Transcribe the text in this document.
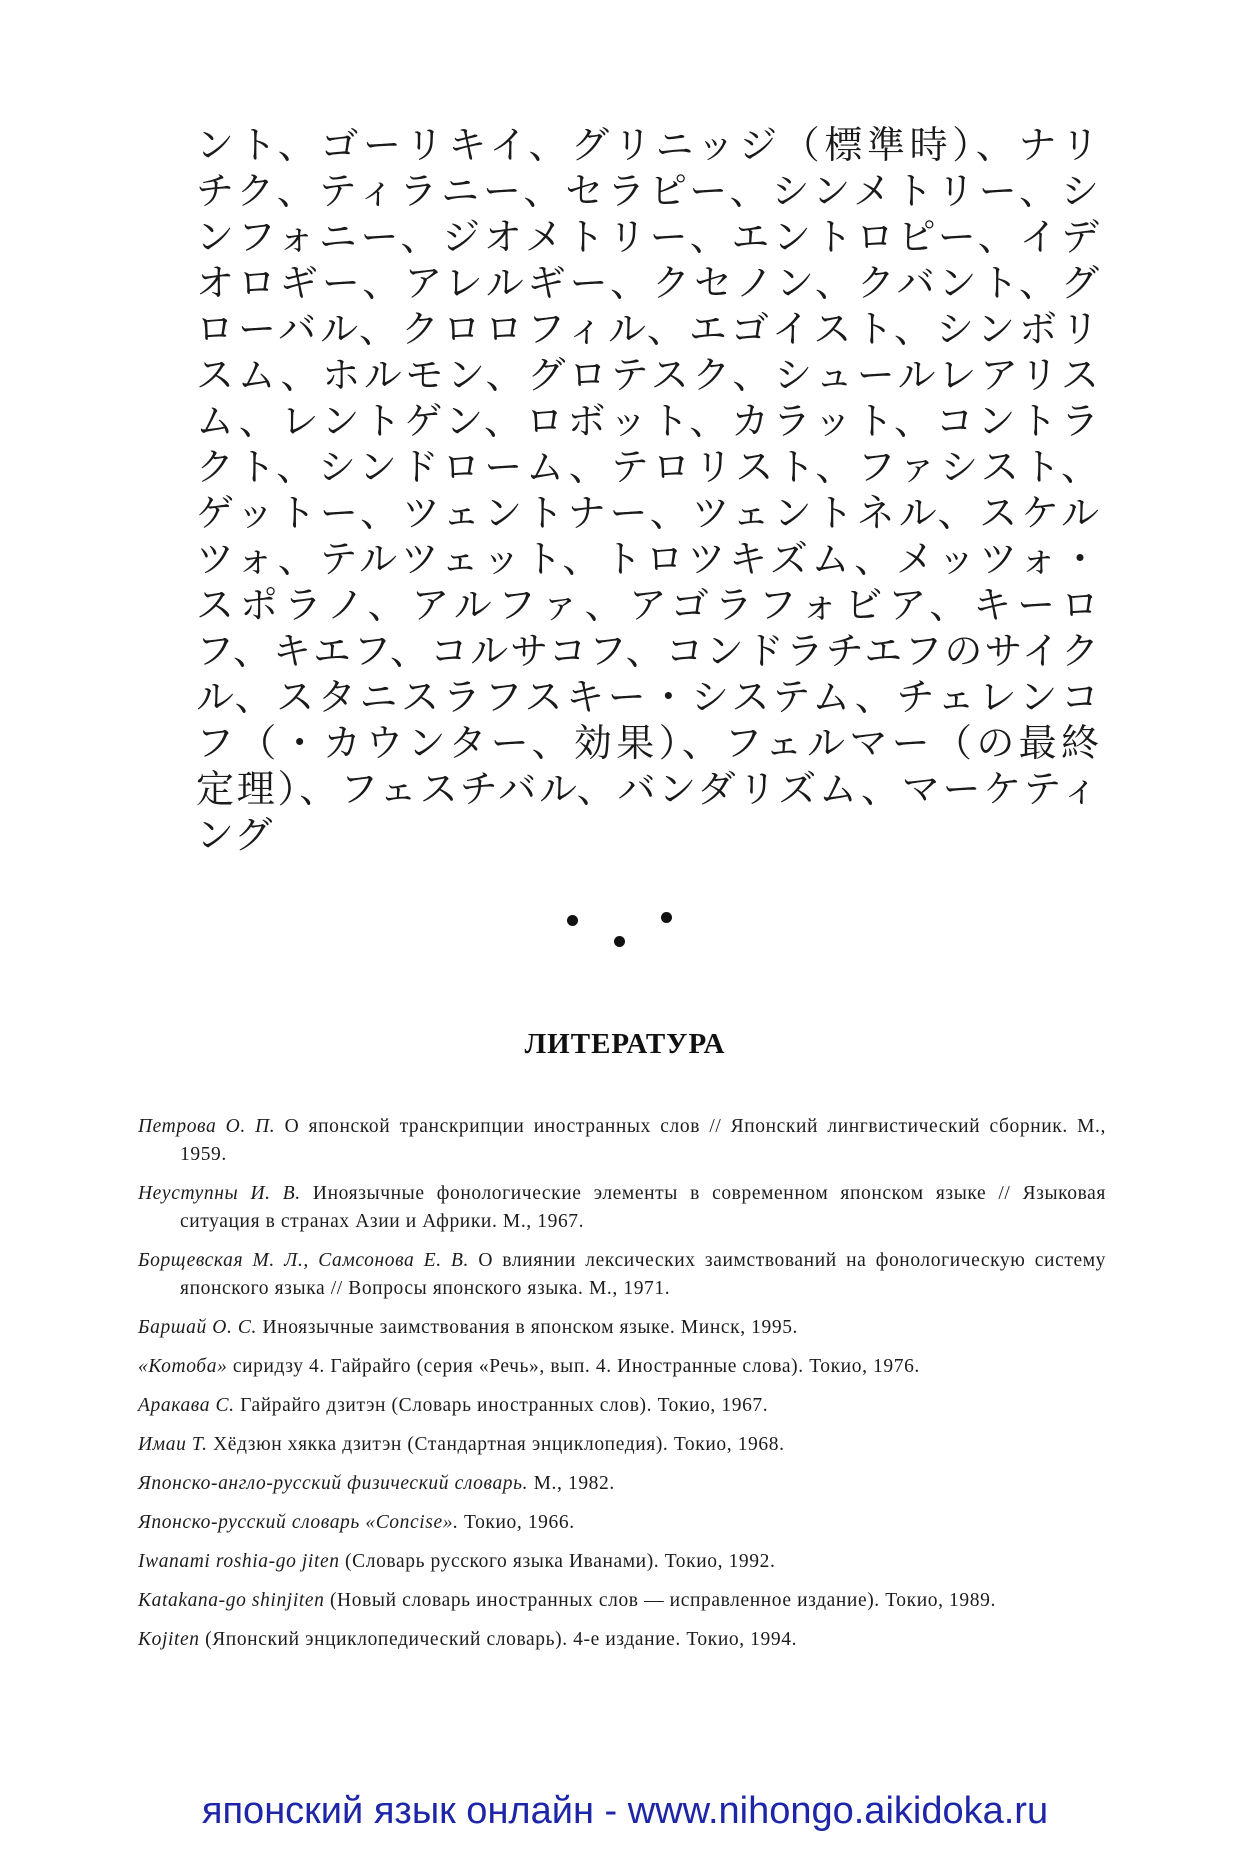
ント、ゴーリキイ、グリニッジ（標準時）、ナリ
チク、ティラニー、セラピー、シンメトリー、シ
ンフォニー、ジオメトリー、エントロピー、イデ
オロギー、アレルギー、クセノン、クバント、グ
ローバル、クロロフィル、エゴイスト、シンボリ
スム、ホルモン、グロテスク、シュールレアリス
ム、レントゲン、ロボット、カラット、コントラ
クト、シンドローム、テロリスト、ファシスト、
ゲットー、ツェントナー、ツェントネル、スケル
ツォ、テルツェット、トロツキズム、メッツォ・
スポラノ、アルファ、アゴラフォビア、キーロ
フ、キエフ、コルサコフ、コンドラチエフのサイク
ル、スタニスラフスキー・システム、チェレンコ
フ（・カウンター、効果）、フェルマー（の最終
定理）、フェスチバル、バンダリズム、マーケティ
ング
ЛИТЕРАТУРА

Петрова О. П. О японской транскрипции иностранных слов // Японский лингвистический сборник. М., 1959.

Неуступны И. В. Иноязычные фонологические элементы в современном японском языке // Языковая ситуация в странах Азии и Африки. М., 1967.

Борщевская М. Л., Самсонова Е. В. О влиянии лексических заимствований на фонологическую систему японского языка // Вопросы японского языка. М., 1971.

Баршай О. С. Иноязычные заимствования в японском языке. Минск, 1995.

«Котоба» сиридзу 4. Гайрайго (серия «Речь», вып. 4. Иностранные слова). Токио, 1976.

Аракава С. Гайрайго дзитэн (Словарь иностранных слов). Токио, 1967.

Имаи Т. Хёдзюн хякка дзитэн (Стандартная энциклопедия). Токио, 1968.

Японско-англо-русский физический словарь. М., 1982.

Японско-русский словарь «Concise». Токио, 1966.

Iwanami roshia-go jiten (Словарь русского языка Иванами). Токио, 1992.

Katakana-go shinjiten (Новый словарь иностранных слов — исправленное издание). Токио, 1989.

Kojiten (Японский энциклопедический словарь). 4-е издание. Токио, 1994.

японский язык онлайн - www.nihongo.aikidoka.ru
